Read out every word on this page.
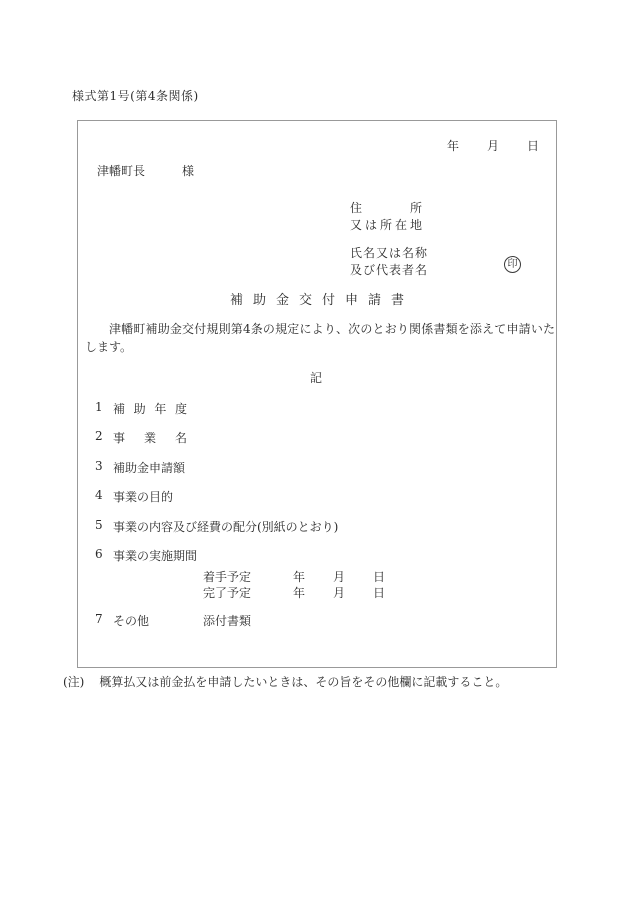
様式第1号(第4条関係)
年 月 日
津幡町長	様
住	所
又は所在地
氏名又は名称
及び代表者名	印
補助金交付申請書
津幡町補助金交付規則第4条の規定により、次のとおり関係書類を添えて申請いたします。
記
1 補助年度
2 事業名
3 補助金申請額
4 事業の目的
5 事業の内容及び経費の配分(別紙のとおり)
6 事業の実施期間
着手予定	年 月 日
完了予定	年 月 日
7 その他	添付書類
(注) 概算払又は前金払を申請したいときは、その旨をその他欄に記載すること。
